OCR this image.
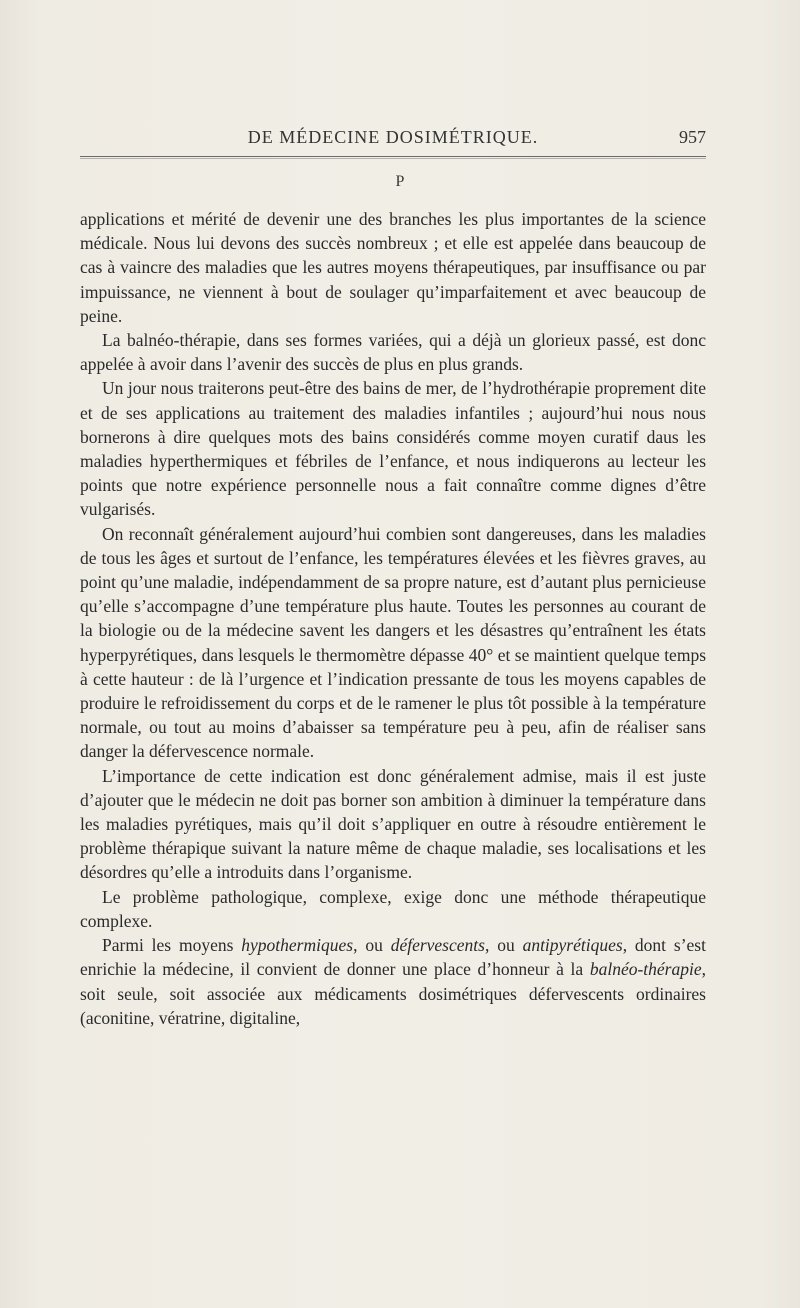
DE MÉDECINE DOSIMÉTRIQUE.	957
P

applications et mérité de devenir une des branches les plus importantes de la science médicale. Nous lui devons des succès nombreux ; et elle est appelée dans beaucoup de cas à vaincre des maladies que les autres moyens thérapeutiques, par insuffisance ou par impuissance, ne viennent à bout de soulager qu’imparfaitement et avec beaucoup de peine.

La balnéo-thérapie, dans ses formes variées, qui a déjà un glorieux passé, est donc appelée à avoir dans l’avenir des succès de plus en plus grands.

Un jour nous traiterons peut-être des bains de mer, de l’hydrothérapie proprement dite et de ses applications au traitement des maladies infantiles ; aujourd’hui nous nous bornerons à dire quelques mots des bains considérés comme moyen curatif daus les maladies hyperthermiques et fébriles de l’enfance, et nous indiquerons au lecteur les points que notre expérience personnelle nous a fait connaître comme dignes d’être vulgarisés.

On reconnaît généralement aujourd’hui combien sont dangereuses, dans les maladies de tous les âges et surtout de l’enfance, les températures élevées et les fièvres graves, au point qu’une maladie, indépendamment de sa propre nature, est d’autant plus pernicieuse qu’elle s’accompagne d’une température plus haute. Toutes les personnes au courant de la biologie ou de la médecine savent les dangers et les désastres qu’entraînent les états hyperpyrétiques, dans lesquels le thermomètre dépasse 40° et se maintient quelque temps à cette hauteur : de là l’urgence et l’indication pressante de tous les moyens capables de produire le refroidissement du corps et de le ramener le plus tôt possible à la température normale, ou tout au moins d’abaisser sa température peu à peu, afin de réaliser sans danger la défervescence normale.

L’importance de cette indication est donc généralement admise, mais il est juste d’ajouter que le médecin ne doit pas borner son ambition à diminuer la température dans les maladies pyrétiques, mais qu’il doit s’appliquer en outre à résoudre entièrement le problème thérapique suivant la nature même de chaque maladie, ses localisations et les désordres qu’elle a introduits dans l’organisme.

Le problème pathologique, complexe, exige donc une méthode thérapeutique complexe.

Parmi les moyens hypothermiques, ou défervescents, ou antipyrétiques, dont s’est enrichie la médecine, il convient de donner une place d’honneur à la balnéo-thérapie, soit seule, soit associée aux médicaments dosimétriques défervescents ordinaires (aconitine, vératrine, digitaline,
